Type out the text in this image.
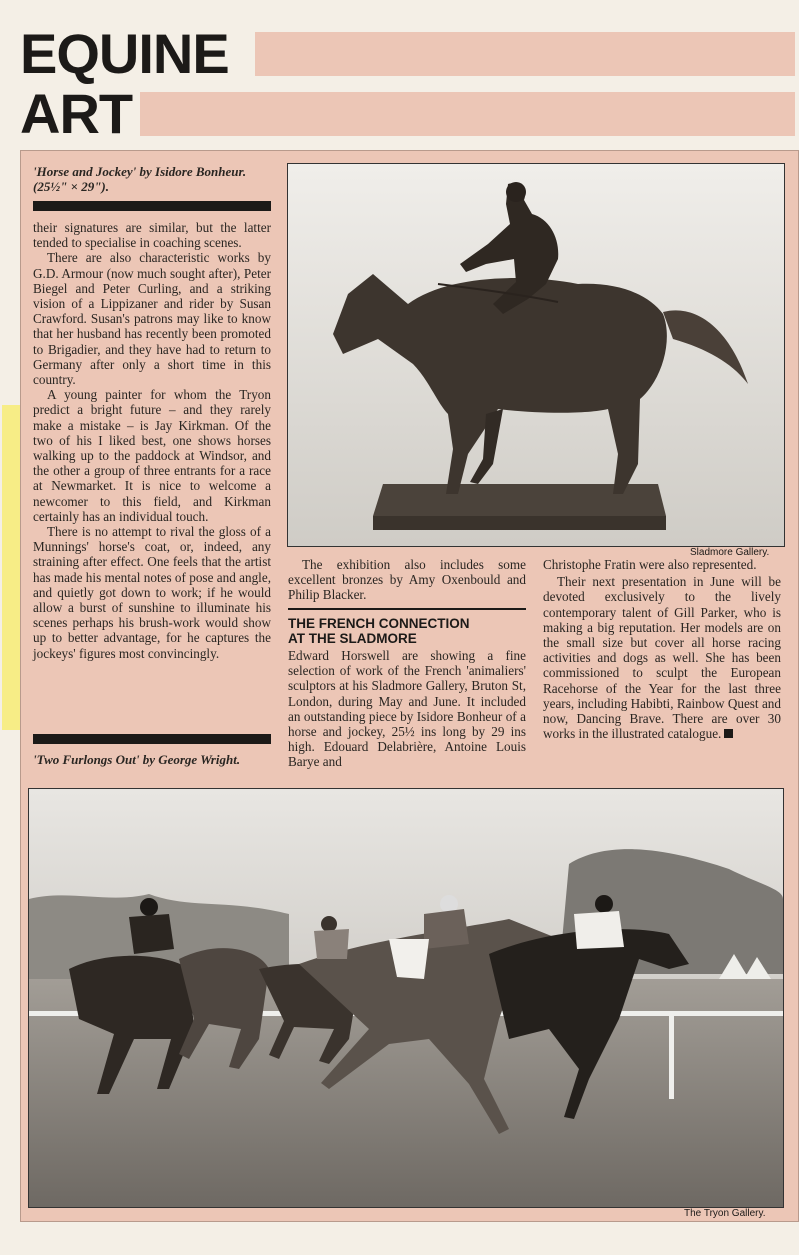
EQUINE
ART
'Horse and Jockey' by Isidore Bonheur. (25½" × 29").

their signatures are similar, but the latter tended to specialise in coaching scenes.

There are also characteristic works by G.D. Armour (now much sought after), Peter Biegel and Peter Curling, and a striking vision of a Lippizaner and rider by Susan Crawford. Susan's patrons may like to know that her husband has recently been promoted to Brigadier, and they have had to return to Germany after only a short time in this country.

A young painter for whom the Tryon predict a bright future – and they rarely make a mistake – is Jay Kirkman. Of the two of his I liked best, one shows horses walking up to the paddock at Windsor, and the other a group of three entrants for a race at Newmarket. It is nice to welcome a newcomer to this field, and Kirkman certainly has an individual touch.

There is no attempt to rival the gloss of a Munnings' horse's coat, or, indeed, any straining after effect. One feels that the artist has made his mental notes of pose and angle, and quietly got down to work; if he would allow a burst of sunshine to illuminate his scenes perhaps his brush-work would show up to better advantage, for he captures the jockeys' figures most convincingly.

'Two Furlongs Out' by George Wright.
Sladmore Gallery.

The exhibition also includes some excellent bronzes by Amy Oxenbould and Philip Blacker.

THE FRENCH CONNECTION
AT THE SLADMORE

Edward Horswell are showing a fine selection of work of the French 'animaliers' sculptors at his Sladmore Gallery, Bruton St, London, during May and June. It included an outstanding piece by Isidore Bonheur of a horse and jockey, 25½ ins long by 29 ins high. Edouard Delabrière, Antoine Louis Barye and

Christophe Fratin were also represented.

Their next presentation in June will be devoted exclusively to the lively contemporary talent of Gill Parker, who is making a big reputation. Her models are on the small size but cover all horse racing activities and dogs as well. She has been commissioned to sculpt the European Racehorse of the Year for the last three years, including Habibti, Rainbow Quest and now, Dancing Brave. There are over 30 works in the illustrated catalogue.

The Tryon Gallery.
